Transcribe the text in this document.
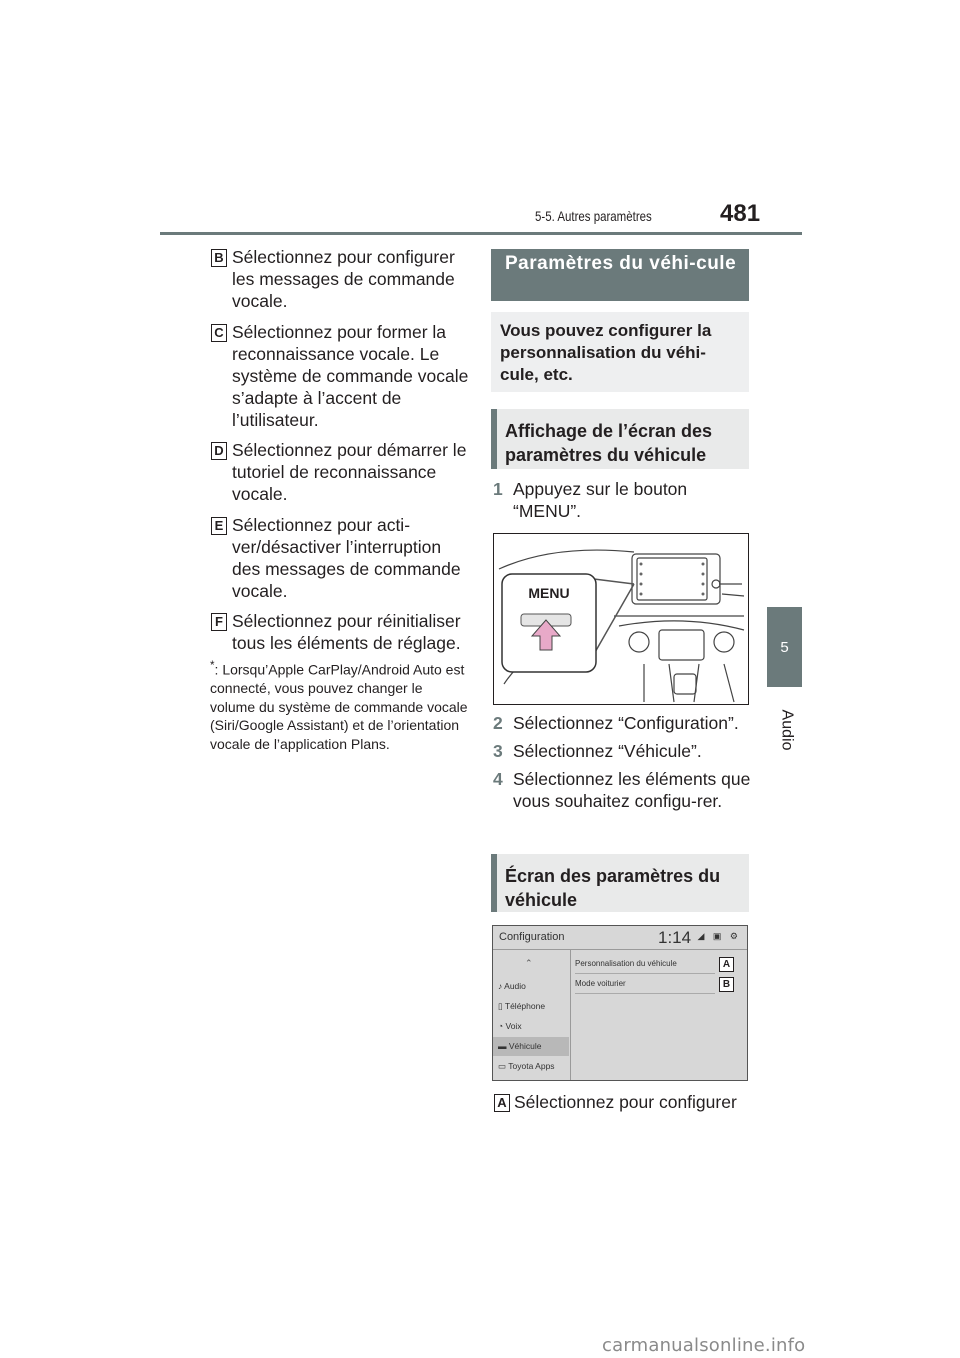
5-5. Autres paramètres	481
5
Audio
B Sélectionnez pour configurer les messages de commande vocale.
C Sélectionnez pour former la reconnaissance vocale. Le système de commande vocale s’adapte à l’accent de l’utilisateur.
D Sélectionnez pour démarrer le tutoriel de reconnaissance vocale.
E Sélectionnez pour acti-ver/désactiver l’interruption des messages de commande vocale.
F Sélectionnez pour réinitialiser tous les éléments de réglage.
*: Lorsqu’Apple CarPlay/Android Auto est connecté, vous pouvez changer le volume du système de commande vocale (Siri/Google Assistant) et de l’orientation vocale de l’application Plans.
Paramètres du véhi-cule
Vous pouvez configurer la personnalisation du véhi-cule, etc.
Affichage de l’écran des paramètres du véhicule
1 Appuyez sur le bouton “MENU”.
MENU
2 Sélectionnez “Configuration”.
3 Sélectionnez “Véhicule”.
4 Sélectionnez les éléments que vous souhaitez configu-rer.
Écran des paramètres du véhicule
Configuration	1:14 ◢ ▣ ⚙
⌃
♪ Audio
▯ Téléphone
◔ Voix
▬ Véhicule
▭ Toyota Apps
Personnalisation du véhicule	A
Mode voiturier	B
A Sélectionnez pour configurer
carmanualsonline.info
